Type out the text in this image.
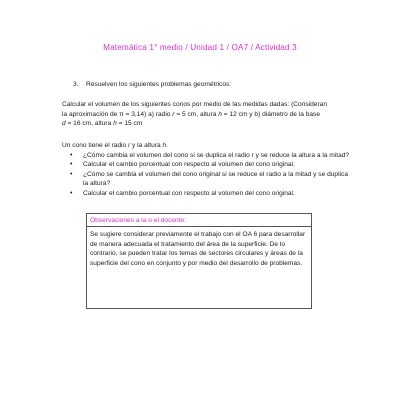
Matemática 1° medio / Unidad 1 / OA7 / Actividad 3
3. Resuelven los siguientes problemas geométricos:
Calcular el volumen de los siguientes conos por medio de las medidas dadas: (Consideran
la aproximación de π = 3,14) a) radio r = 5 cm, altura h = 12 cm y b) diámetro de la base
d = 16 cm, altura h = 15 cm
Un cono tiene el radio r y la altura h.
• ¿Cómo cambia el volumen del cono si se duplica el radio r y se reduce la altura a la mitad?
• Calcular el cambio porcentual con respecto al volumen del cono original.
• ¿Cómo se cambia el volumen del cono original si se reduce el radio a la mitad y se duplica la altura?
• Calcular el cambio porcentual con respecto al volumen del cono original.
Observaciones a la o el docente:
Se sugiere considerar previamente el trabajo con el OA 6 para desarrollar de manera adecuada el tratamiento del área de la superficie. De lo contrario, se pueden tratar los temas de sectores circulares y áreas de la superficie del cono en conjunto y por medio del desarrollo de problemas.
